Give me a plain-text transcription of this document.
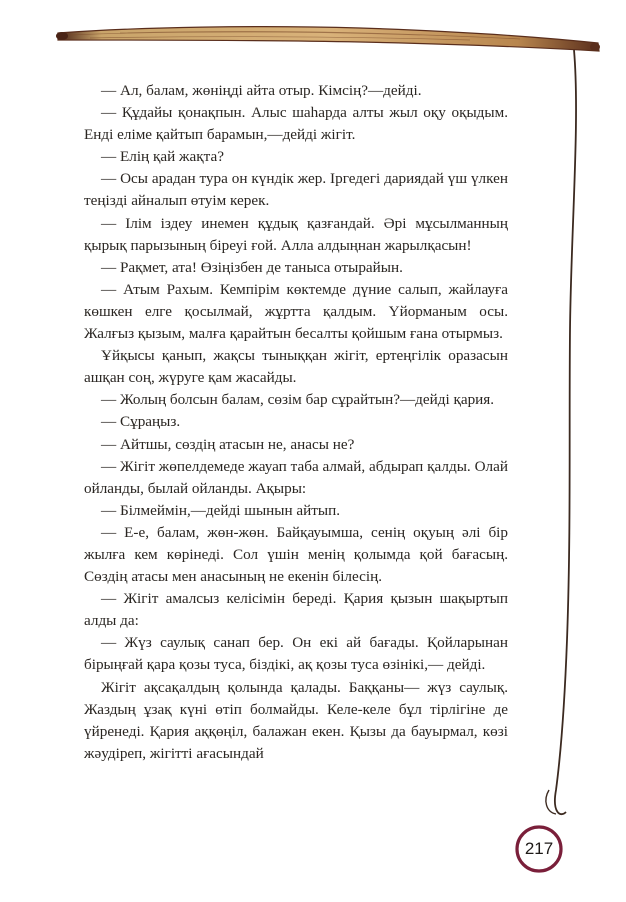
— Ал, балам, жөніңді айта отыр. Кімсің?—дейді.

— Құдайы қонақпын. Алыс шаһарда алты жыл оқу оқыдым. Енді еліме қайтып барамын,—дейді жігіт.

— Елің қай жақта?

— Осы арадан тура он күндік жер. Іргедегі дариядай үш үлкен теңізді айналып өтуім керек.

— Ілім іздеу инемен құдық қазғандай. Әрі мұсылманның қырық парызының біреуі ғой. Алла алдыңнан жарылқасын!

— Рақмет, ата! Өзіңізбен де таныса отырайын.

— Атым Рахым. Кемпірім көктемде дүние салып, жайлауға көшкен елге қосылмай, жұртта қалдым. Үйорманым осы. Жалғыз қызым, малға қарайтын бесалты қойшым ғана отырмыз.

Ұйқысы қанып, жақсы тыныққан жігіт, ертеңгілік оразасын ашқан соң, жүруге қам жасайды.

— Жолың болсын балам, сөзім бар сұрайтын?—дейді қария.

— Сұраңыз.

— Айтшы, сөздің атасын не, анасы не?

— Жігіт жөпелдемеде жауап таба алмай, абдырап қалды. Олай ойланды, былай ойланды. Ақыры:

— Білмеймін,—дейді шынын айтып.

— Е-е, балам, жөн-жөн. Байқауымша, сенің оқуың әлі бір жылға кем көрінеді. Сол үшін менің қолымда қой бағасың. Сөздің атасы мен анасының не екенін білесің.

— Жігіт амалсыз келісімін береді. Қария қызын шақыртып алды да:

— Жүз саулық санап бер. Он екі ай бағады. Қойларынан бірыңғай қара қозы туса, біздікі, ақ қозы туса өзінікі,— дейді.

Жігіт ақсақалдың қолында қалады. Баққаны— жүз саулық. Жаздың ұзақ күні өтіп болмайды. Келе-келе бұл тірлігіне де үйренеді. Қария аққөңіл, балажан екен. Қызы да бауырмал, көзі жәудіреп, жігітті ағасындай

217
